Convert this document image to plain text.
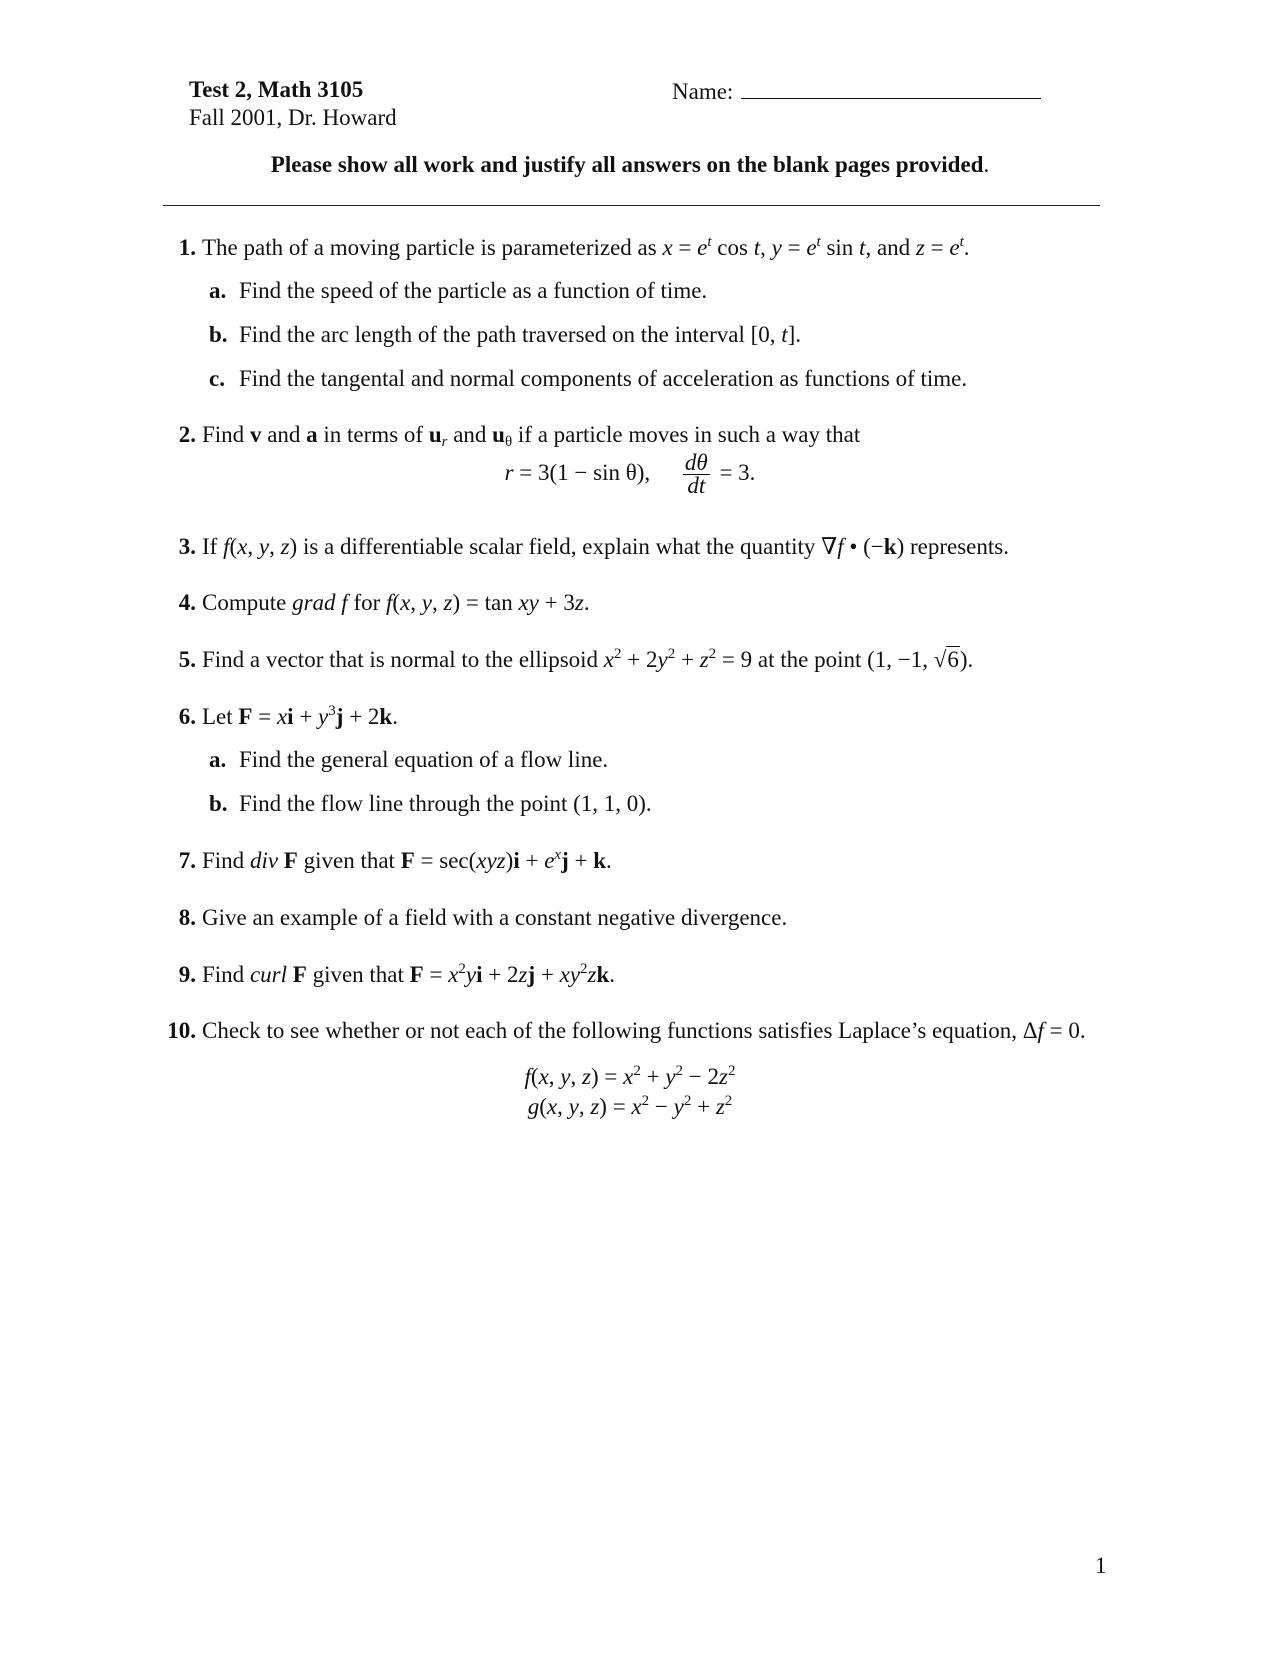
Test 2, Math 3105
Fall 2001, Dr. Howard
Name:
Please show all work and justify all answers on the blank pages provided.
1. The path of a moving particle is parameterized as $x = e^t$ cos t, $y = e^t$ sin t, and $z = e^t$.
a. Find the speed of the particle as a function of time.
b. Find the arc length of the path traversed on the interval [0, t].
c. Find the tangental and normal components of acceleration as functions of time.
2. Find v and a in terms of $u_r$ and $u_\theta$ if a particle moves in such a way that
r = 3(1 − sin θ), $\frac{d\theta}{dt} = 3$.
3. If f(x, y, z) is a differentiable scalar field, explain what the quantity ∇f • (−k) represents.
4. Compute grad f for f(x, y, z) = tan xy + 3z.
5. Find a vector that is normal to the ellipsoid $x^2 + 2y^2 + z^2 = 9$ at the point (1, −1, √6).
6. Let F = xi + $y^3j + 2k$.
a. Find the general equation of a flow line.
b. Find the flow line through the point (1, 1, 0).
7. Find div F given that $F = \sec(xyz)i + e^xj + k$.
8. Give an example of a field with a constant negative divergence.
9. Find curl F given that $F = x^2yi + 2zj + xy^2zk$.
10. Check to see whether or not each of the following functions satisfies Laplace’s equation, Δf = 0.
f(x, y, $z) = x^2 + y^2 - 2z^2$
g(x, y, $z) = x^2 - y^2 + z^2$
1
